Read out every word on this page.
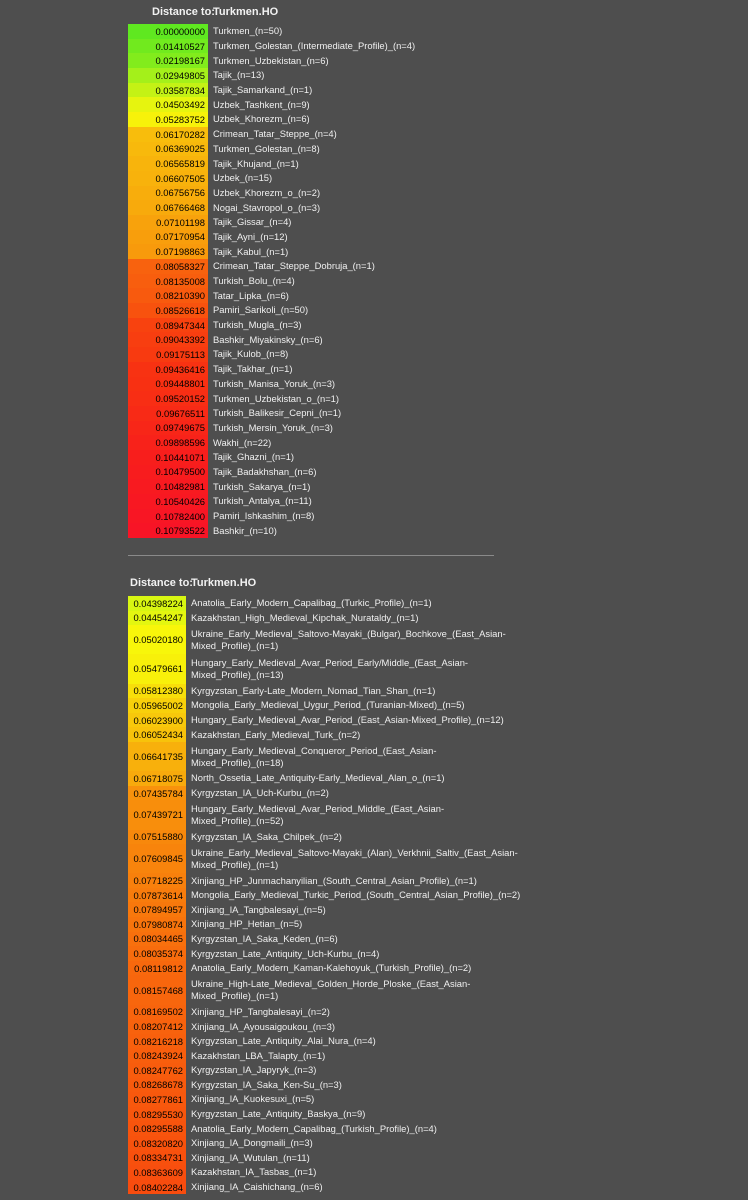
Distance to:
Turkmen.HO
0.00000000 Turkmen_(n=50)
0.01410527 Turkmen_Golestan_(Intermediate_Profile)_(n=4)
0.02198167 Turkmen_Uzbekistan_(n=6)
0.02949805 Tajik_(n=13)
0.03587834 Tajik_Samarkand_(n=1)
0.04503492 Uzbek_Tashkent_(n=9)
0.05283752 Uzbek_Khorezm_(n=6)
0.06170282 Crimean_Tatar_Steppe_(n=4)
0.06369025 Turkmen_Golestan_(n=8)
0.06565819 Tajik_Khujand_(n=1)
0.06607505 Uzbek_(n=15)
0.06756756 Uzbek_Khorezm_o_(n=2)
0.06766468 Nogai_Stavropol_o_(n=3)
0.07101198 Tajik_Gissar_(n=4)
0.07170954 Tajik_Ayni_(n=12)
0.07198863 Tajik_Kabul_(n=1)
0.08058327 Crimean_Tatar_Steppe_Dobruja_(n=1)
0.08135008 Turkish_Bolu_(n=4)
0.08210390 Tatar_Lipka_(n=6)
0.08526618 Pamiri_Sarikoli_(n=50)
0.08947344 Turkish_Mugla_(n=3)
0.09043392 Bashkir_Miyakinsky_(n=6)
0.09175113 Tajik_Kulob_(n=8)
0.09436416 Tajik_Takhar_(n=1)
0.09448801 Turkish_Manisa_Yoruk_(n=3)
0.09520152 Turkmen_Uzbekistan_o_(n=1)
0.09676511 Turkish_Balikesir_Cepni_(n=1)
0.09749675 Turkish_Mersin_Yoruk_(n=3)
0.09898596 Wakhi_(n=22)
0.10441071 Tajik_Ghazni_(n=1)
0.10479500 Tajik_Badakhshan_(n=6)
0.10482981 Turkish_Sakarya_(n=1)
0.10540426 Turkish_Antalya_(n=11)
0.10782400 Pamiri_Ishkashim_(n=8)
0.10793522 Bashkir_(n=10)
Distance to:
Turkmen.HO
0.04398224 Anatolia_Early_Modern_Capalibag_(Turkic_Profile)_(n=1)
0.04454247 Kazakhstan_High_Medieval_Kipchak_Nurataldy_(n=1)
0.05020180
Ukraine_Early_Medieval_Saltovo-Mayaki_(Bulgar)_Bochkove_(East_Asian-Mixed_Profile)_(n=1)
0.05479661
Hungary_Early_Medieval_Avar_Period_Early/Middle_(East_Asian-Mixed_Profile)_(n=13)
0.05812380 Kyrgyzstan_Early-Late_Modern_Nomad_Tian_Shan_(n=1)
0.05965002 Mongolia_Early_Medieval_Uygur_Period_(Turanian-Mixed)_(n=5)
0.06023900 Hungary_Early_Medieval_Avar_Period_(East_Asian-Mixed_Profile)_(n=12)
0.06052434 Kazakhstan_Early_Medieval_Turk_(n=2)
0.06641735
Hungary_Early_Medieval_Conqueror_Period_(East_Asian-Mixed_Profile)_(n=18)
0.06718075 North_Ossetia_Late_Antiquity-Early_Medieval_Alan_o_(n=1)
0.07435784 Kyrgyzstan_IA_Uch-Kurbu_(n=2)
0.07439721
Hungary_Early_Medieval_Avar_Period_Middle_(East_Asian-Mixed_Profile)_(n=52)
0.07515880 Kyrgyzstan_IA_Saka_Chilpek_(n=2)
0.07609845
Ukraine_Early_Medieval_Saltovo-Mayaki_(Alan)_Verkhnii_Saltiv_(East_Asian-Mixed_Profile)_(n=1)
0.07718225 Xinjiang_HP_Junmachanyilian_(South_Central_Asian_Profile)_(n=1)
0.07873614 Mongolia_Early_Medieval_Turkic_Period_(South_Central_Asian_Profile)_(n=2)
0.07894957 Xinjiang_IA_Tangbalesayi_(n=5)
0.07980874 Xinjiang_HP_Hetian_(n=5)
0.08034465 Kyrgyzstan_IA_Saka_Keden_(n=6)
0.08035374 Kyrgyzstan_Late_Antiquity_Uch-Kurbu_(n=4)
0.08119812 Anatolia_Early_Modern_Kaman-Kalehoyuk_(Turkish_Profile)_(n=2)
0.08157468
Ukraine_High-Late_Medieval_Golden_Horde_Ploske_(East_Asian-Mixed_Profile)_(n=1)
0.08169502 Xinjiang_HP_Tangbalesayi_(n=2)
0.08207412 Xinjiang_IA_Ayousaigoukou_(n=3)
0.08216218 Kyrgyzstan_Late_Antiquity_Alai_Nura_(n=4)
0.08243924 Kazakhstan_LBA_Talapty_(n=1)
0.08247762 Kyrgyzstan_IA_Japyryk_(n=3)
0.08268678 Kyrgyzstan_IA_Saka_Ken-Su_(n=3)
0.08277861 Xinjiang_IA_Kuokesuxi_(n=5)
0.08295530 Kyrgyzstan_Late_Antiquity_Baskya_(n=9)
0.08295588 Anatolia_Early_Modern_Capalibag_(Turkish_Profile)_(n=4)
0.08320820 Xinjiang_IA_Dongmaili_(n=3)
0.08334731 Xinjiang_IA_Wutulan_(n=11)
0.08363609 Kazakhstan_IA_Tasbas_(n=1)
0.08402284 Xinjiang_IA_Caishichang_(n=6)
